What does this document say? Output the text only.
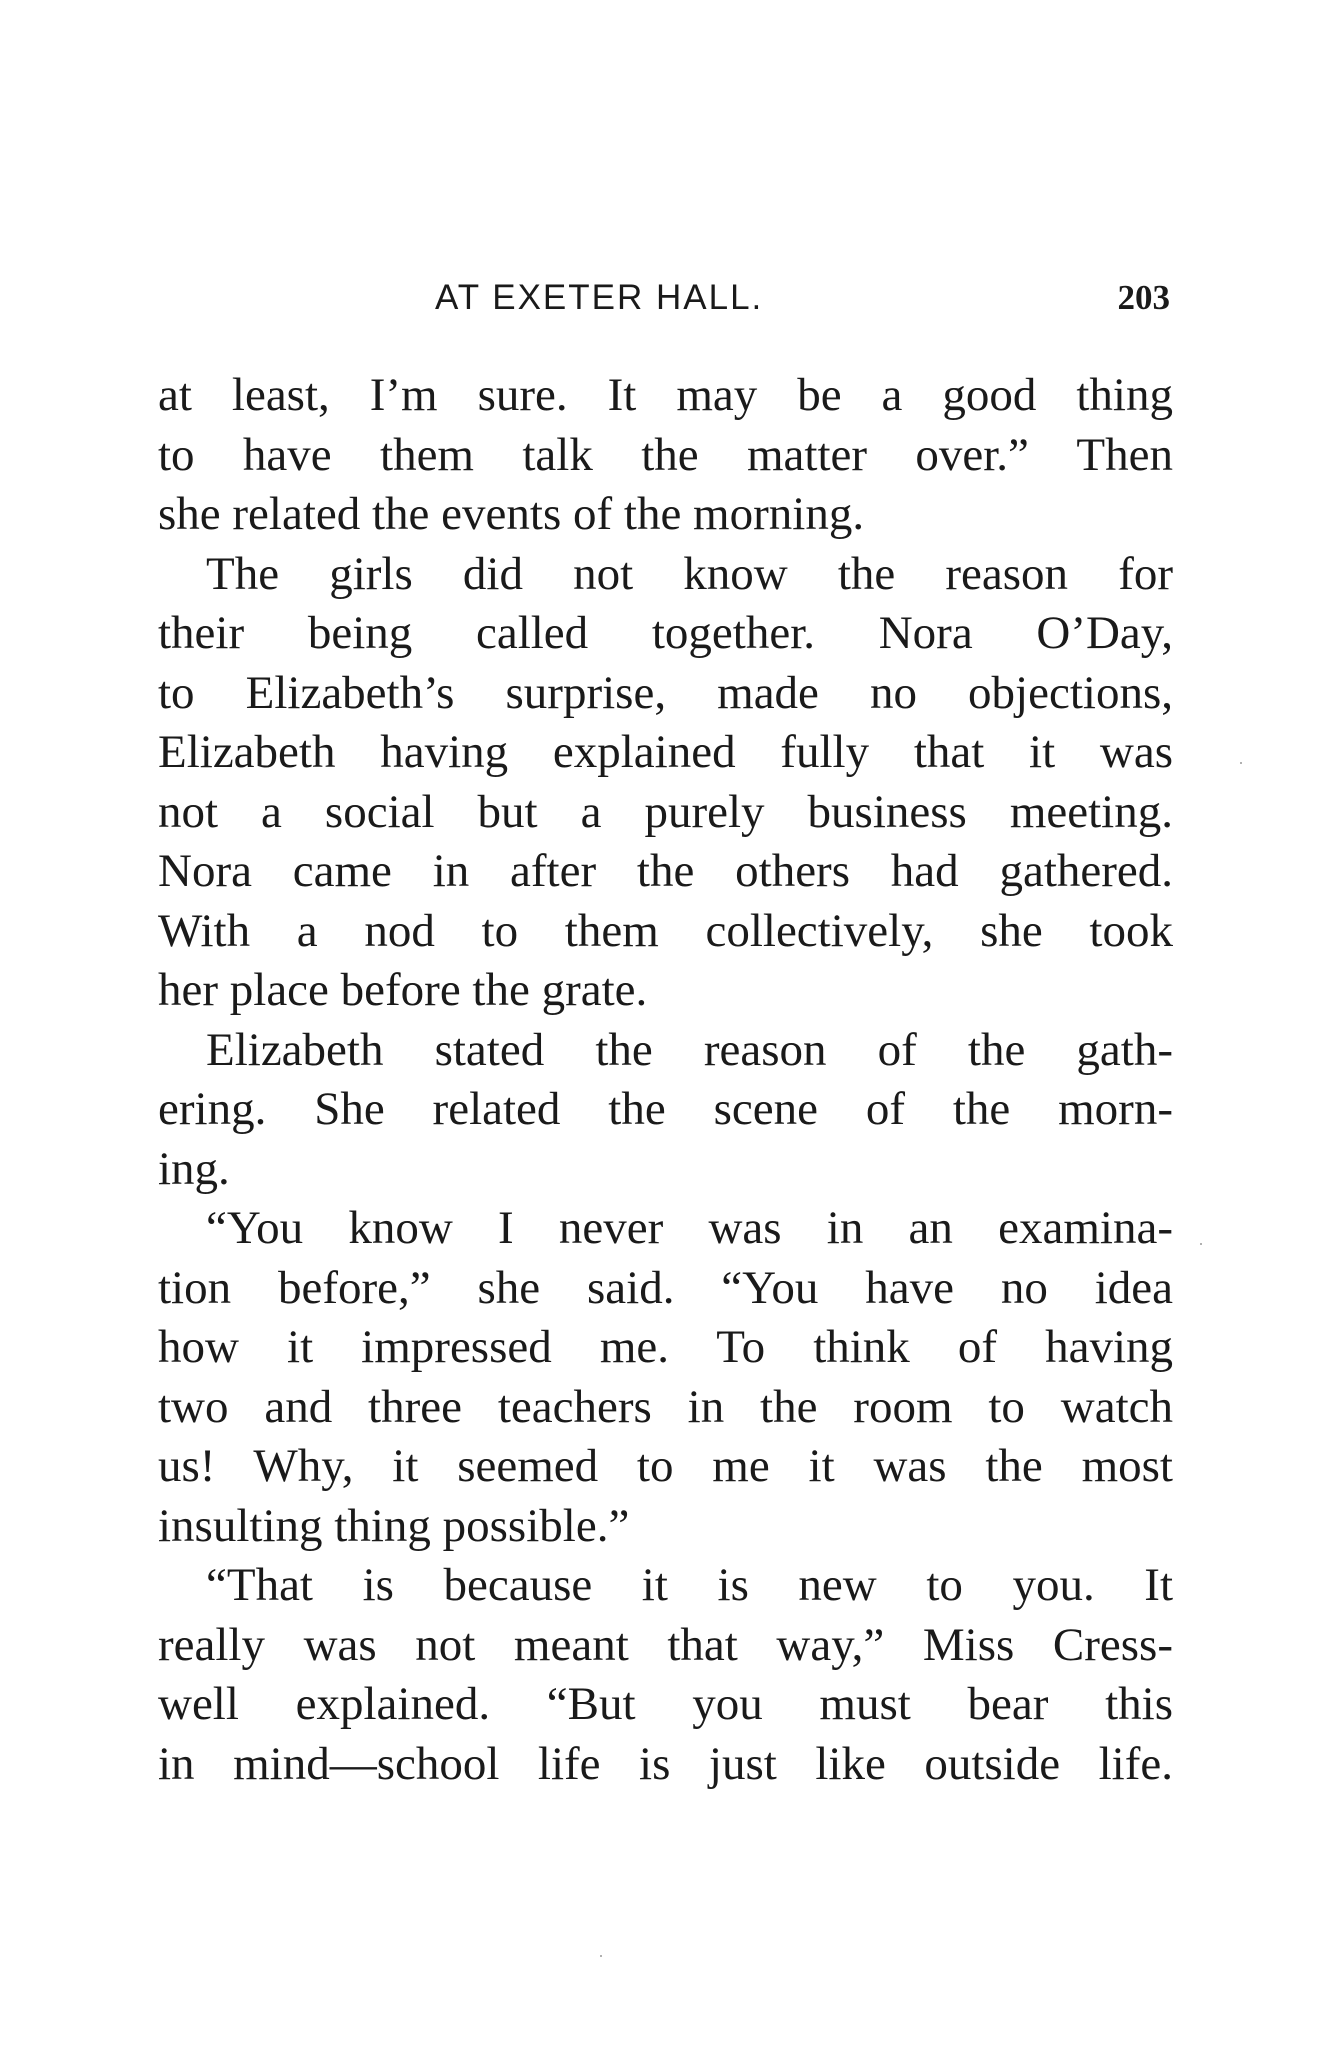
AT EXETER HALL.	203
at least, I’m sure. It may be a good thing
to have them talk the matter over.” Then
she related the events of the morning.
The girls did not know the reason for
their being called together. Nora O’Day,
to Elizabeth’s surprise, made no objections,
Elizabeth having explained fully that it was
not a social but a purely business meeting.
Nora came in after the others had gathered.
With a nod to them collectively, she took
her place before the grate.
Elizabeth stated the reason of the gath-
ering. She related the scene of the morn-
ing.
“You know I never was in an examina-
tion before,” she said. “You have no idea
how it impressed me. To think of having
two and three teachers in the room to watch
us! Why, it seemed to me it was the most
insulting thing possible.”
“That is because it is new to you. It
really was not meant that way,” Miss Cress-
well explained. “But you must bear this
in mind—school life is just like outside life.
